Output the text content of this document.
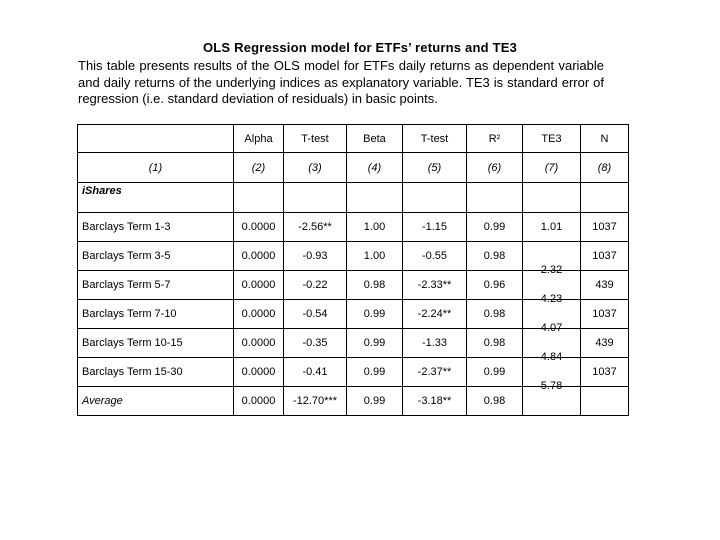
OLS Regression model for ETFs’ returns and TE3
This table presents results of the OLS model for ETFs daily returns as dependent variable and daily returns of the underlying indices as explanatory variable. TE3 is standard error of regression (i.e. standard deviation of residuals) in basic points.
	Alpha	T-test	Beta	T-test	R²	TE3	N
(1)	(2)	(3)	(4)	(5)	(6)	(7)	(8)
iShares							
Barclays Term 1-3	0.0000	-2.56**	1.00	-1.15	0.99	1.01	1037
Barclays Term 3-5	0.0000	-0.93	1.00	-0.55	0.98	2.32	1037
Barclays Term 5-7	0.0000	-0.22	0.98	-2.33**	0.96	4.23	439
Barclays Term 7-10	0.0000	-0.54	0.99	-2.24**	0.98	4.07	1037
Barclays Term 10-15	0.0000	-0.35	0.99	-1.33	0.98	4.84	439
Barclays Term 15-30	0.0000	-0.41	0.99	-2.37**	0.99	5.78	1037
Average	0.0000	-12.70***	0.99	-3.18**	0.98		
